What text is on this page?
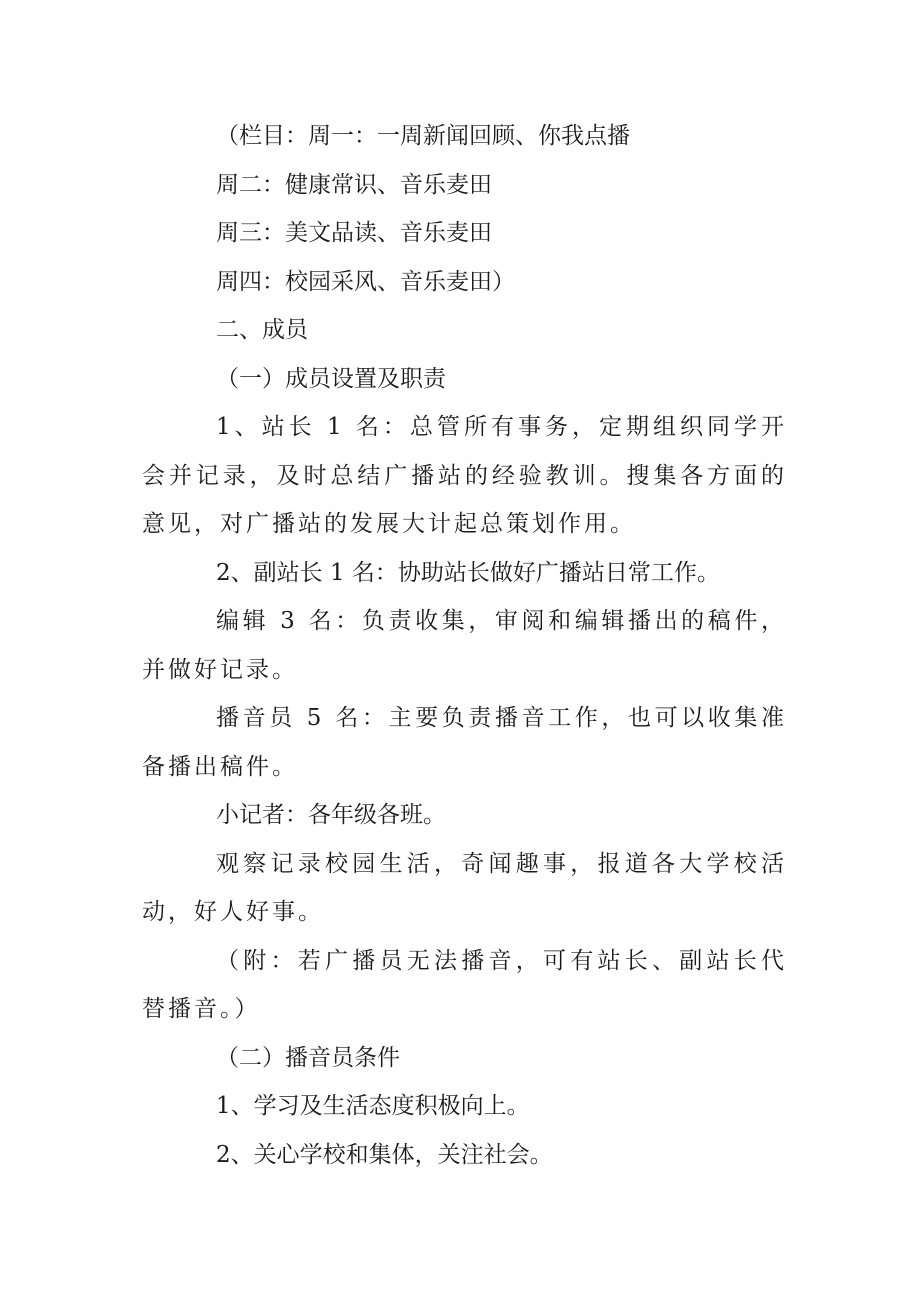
（栏目：周一：一周新闻回顾、你我点播

周二：健康常识、音乐麦田

周三：美文品读、音乐麦田

周四：校园采风、音乐麦田）

二、成员

（一）成员设置及职责

1、站长 1 名：总管所有事务，定期组织同学开会并记录，及时总结广播站的经验教训。搜集各方面的意见，对广播站的发展大计起总策划作用。

2、副站长 1 名：协助站长做好广播站日常工作。

编辑 3 名：负责收集，审阅和编辑播出的稿件，并做好记录。

播音员 5 名：主要负责播音工作，也可以收集准备播出稿件。

小记者：各年级各班。

观察记录校园生活，奇闻趣事，报道各大学校活动，好人好事。

（附：若广播员无法播音，可有站长、副站长代替播音。）

（二）播音员条件

1、学习及生活态度积极向上。

2、关心学校和集体，关注社会。
